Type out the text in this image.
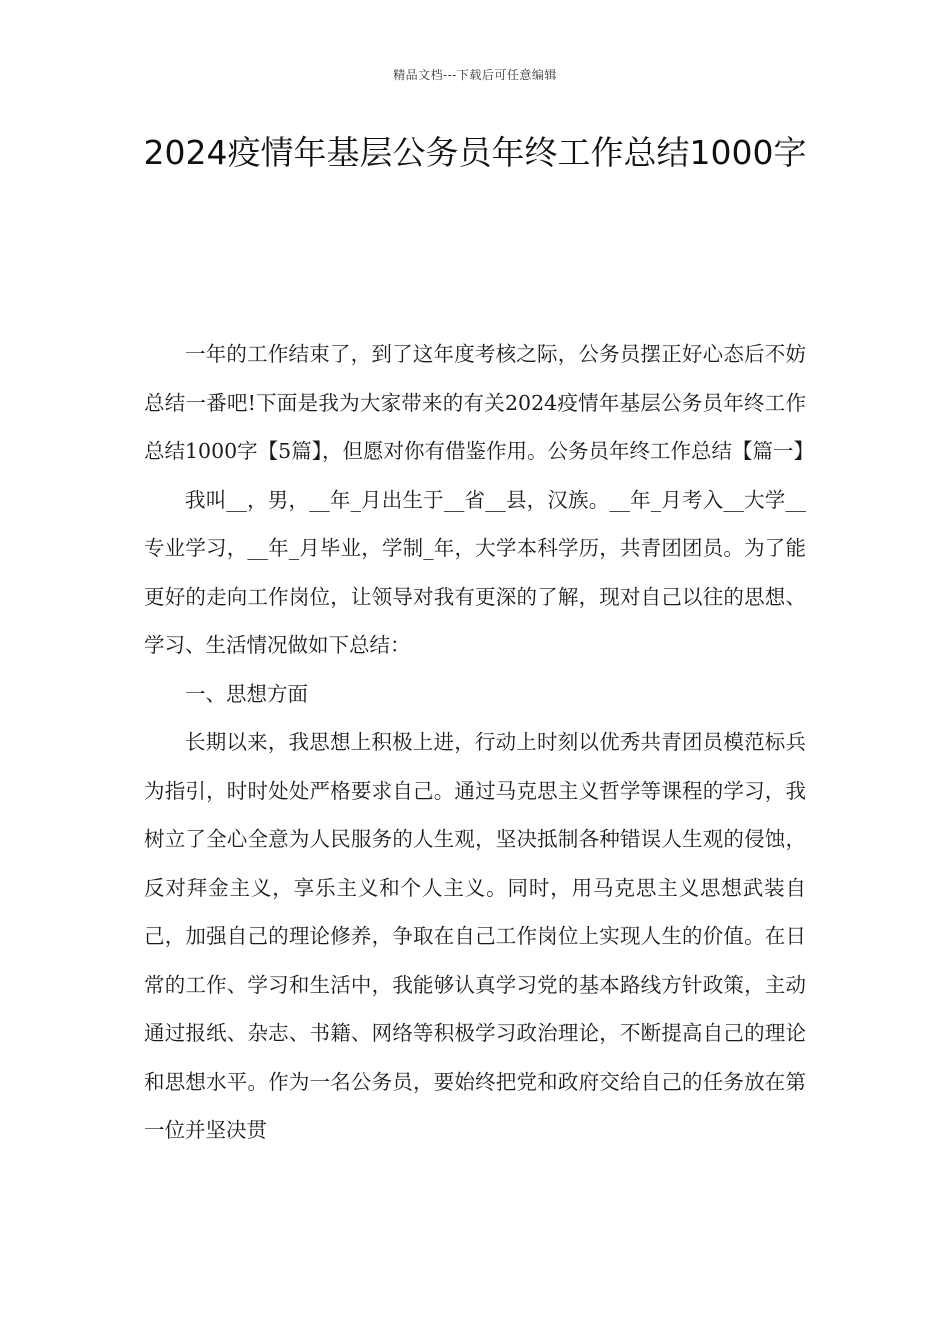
精品文档---下载后可任意编辑
2024疫情年基层公务员年终工作总结1000字

一年的工作结束了，到了这年度考核之际，公务员摆正好心态后不妨总结一番吧!下面是我为大家带来的有关2024疫情年基层公务员年终工作总结1000字【5篇】，但愿对你有借鉴作用。公务员年终工作总结【篇一】

我叫__，男，__年_月出生于__省__县，汉族。__年_月考入__大学__专业学习，__年_月毕业，学制_年，大学本科学历，共青团团员。为了能更好的走向工作岗位，让领导对我有更深的了解，现对自己以往的思想、学习、生活情况做如下总结：

一、思想方面

长期以来，我思想上积极上进，行动上时刻以优秀共青团员模范标兵为指引，时时处处严格要求自己。通过马克思主义哲学等课程的学习，我树立了全心全意为人民服务的人生观，坚决抵制各种错误人生观的侵蚀，反对拜金主义，享乐主义和个人主义。同时，用马克思主义思想武装自己，加强自己的理论修养，争取在自己工作岗位上实现人生的价值。在日常的工作、学习和生活中，我能够认真学习党的基本路线方针政策，主动通过报纸、杂志、书籍、网络等积极学习政治理论，不断提高自己的理论和思想水平。作为一名公务员，要始终把党和政府交给自己的任务放在第一位并坚决贯
